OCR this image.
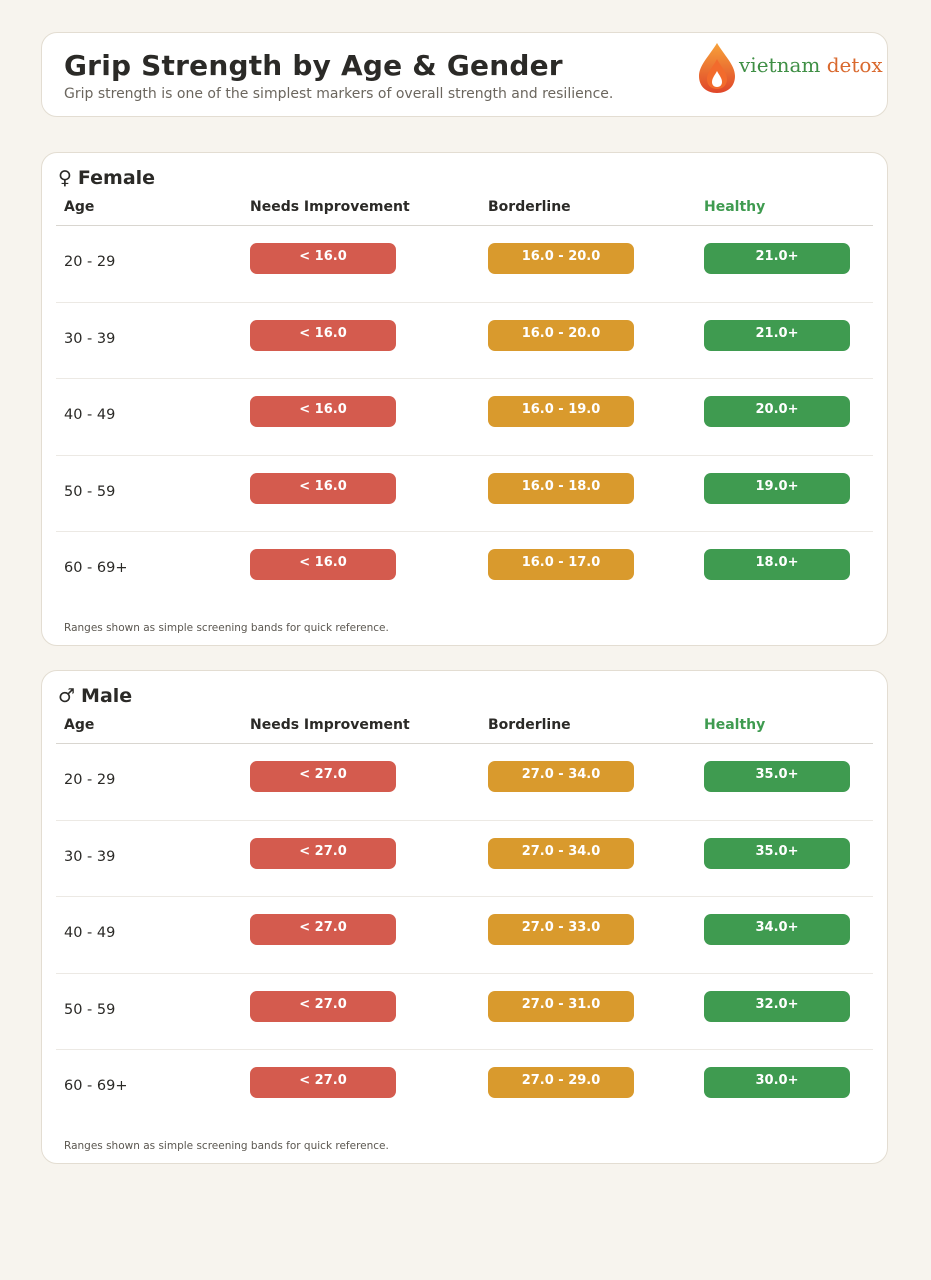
Grip Strength by Age & Gender

Grip strength is one of the simplest markers of overall strength and resilience.

vietnam detox
♀ Female
Age	Needs Improvement	Borderline	Healthy
20 - 29	< 16.0	16.0 - 20.0	21.0+
30 - 39	< 16.0	16.0 - 20.0	21.0+
40 - 49	< 16.0	16.0 - 19.0	20.0+
50 - 59	< 16.0	16.0 - 18.0	19.0+
60 - 69+	< 16.0	16.0 - 17.0	18.0+

Ranges shown as simple screening bands for quick reference.

♂ Male
Age	Needs Improvement	Borderline	Healthy
20 - 29	< 27.0	27.0 - 34.0	35.0+
30 - 39	< 27.0	27.0 - 34.0	35.0+
40 - 49	< 27.0	27.0 - 33.0	34.0+
50 - 59	< 27.0	27.0 - 31.0	32.0+
60 - 69+	< 27.0	27.0 - 29.0	30.0+

Ranges shown as simple screening bands for quick reference.
